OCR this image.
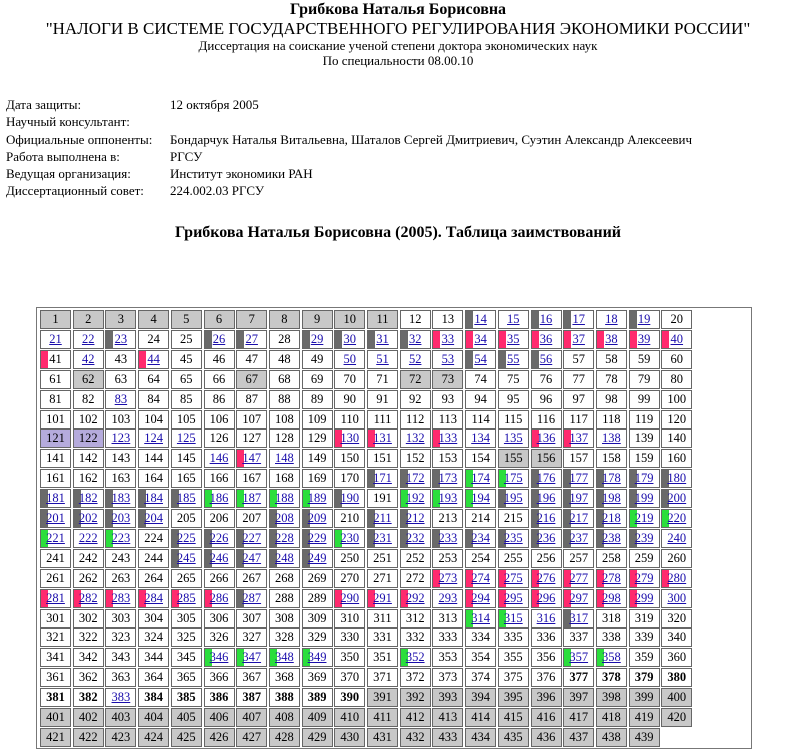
Грибкова Наталья Борисовна
"НАЛОГИ В СИСТЕМЕ ГОСУДАРСТВЕННОГО РЕГУЛИРОВАНИЯ ЭКОНОМИКИ РОССИИ"
Диссертация на соискание ученой степени доктора экономических наук
По специальности 08.00.10
Дата защиты:	12 октября 2005
Научный консультант:	
Официальные оппоненты:	Бондарчук Наталья Витальевна, Шаталов Сергей Дмитриевич, Суэтин Александр Алексеевич
Работа выполнена в:	РГСУ
Ведущая организация:	Институт экономики РАН
Диссертационный совет:	224.002.03 РГСУ
Грибкова Наталья Борисовна (2005). Таблица заимствований
1	2	3	4	5	6	7	8	9	10	11	12	13	14	15	16	17	18	19	20
21	22	23	24	25	26	27	28	29	30	31	32	33	34	35	36	37	38	39	40
41	42	43	44	45	46	47	48	49	50	51	52	53	54	55	56	57	58	59	60
61	62	63	64	65	66	67	68	69	70	71	72	73	74	75	76	77	78	79	80
81	82	83	84	85	86	87	88	89	90	91	92	93	94	95	96	97	98	99	100
101	102	103	104	105	106	107	108	109	110	111	112	113	114	115	116	117	118	119	120
121	122	123	124	125	126	127	128	129	130	131	132	133	134	135	136	137	138	139	140
141	142	143	144	145	146	147	148	149	150	151	152	153	154	155	156	157	158	159	160
161	162	163	164	165	166	167	168	169	170	171	172	173	174	175	176	177	178	179	180
181	182	183	184	185	186	187	188	189	190	191	192	193	194	195	196	197	198	199	200
201	202	203	204	205	206	207	208	209	210	211	212	213	214	215	216	217	218	219	220
221	222	223	224	225	226	227	228	229	230	231	232	233	234	235	236	237	238	239	240
241	242	243	244	245	246	247	248	249	250	251	252	253	254	255	256	257	258	259	260
261	262	263	264	265	266	267	268	269	270	271	272	273	274	275	276	277	278	279	280
281	282	283	284	285	286	287	288	289	290	291	292	293	294	295	296	297	298	299	300
301	302	303	304	305	306	307	308	309	310	311	312	313	314	315	316	317	318	319	320
321	322	323	324	325	326	327	328	329	330	331	332	333	334	335	336	337	338	339	340
341	342	343	344	345	346	347	348	349	350	351	352	353	354	355	356	357	358	359	360
361	362	363	364	365	366	367	368	369	370	371	372	373	374	375	376	377	378	379	380
381	382	383	384	385	386	387	388	389	390	391	392	393	394	395	396	397	398	399	400
401	402	403	404	405	406	407	408	409	410	411	412	413	414	415	416	417	418	419	420
421	422	423	424	425	426	427	428	429	430	431	432	433	434	435	436	437	438	439
